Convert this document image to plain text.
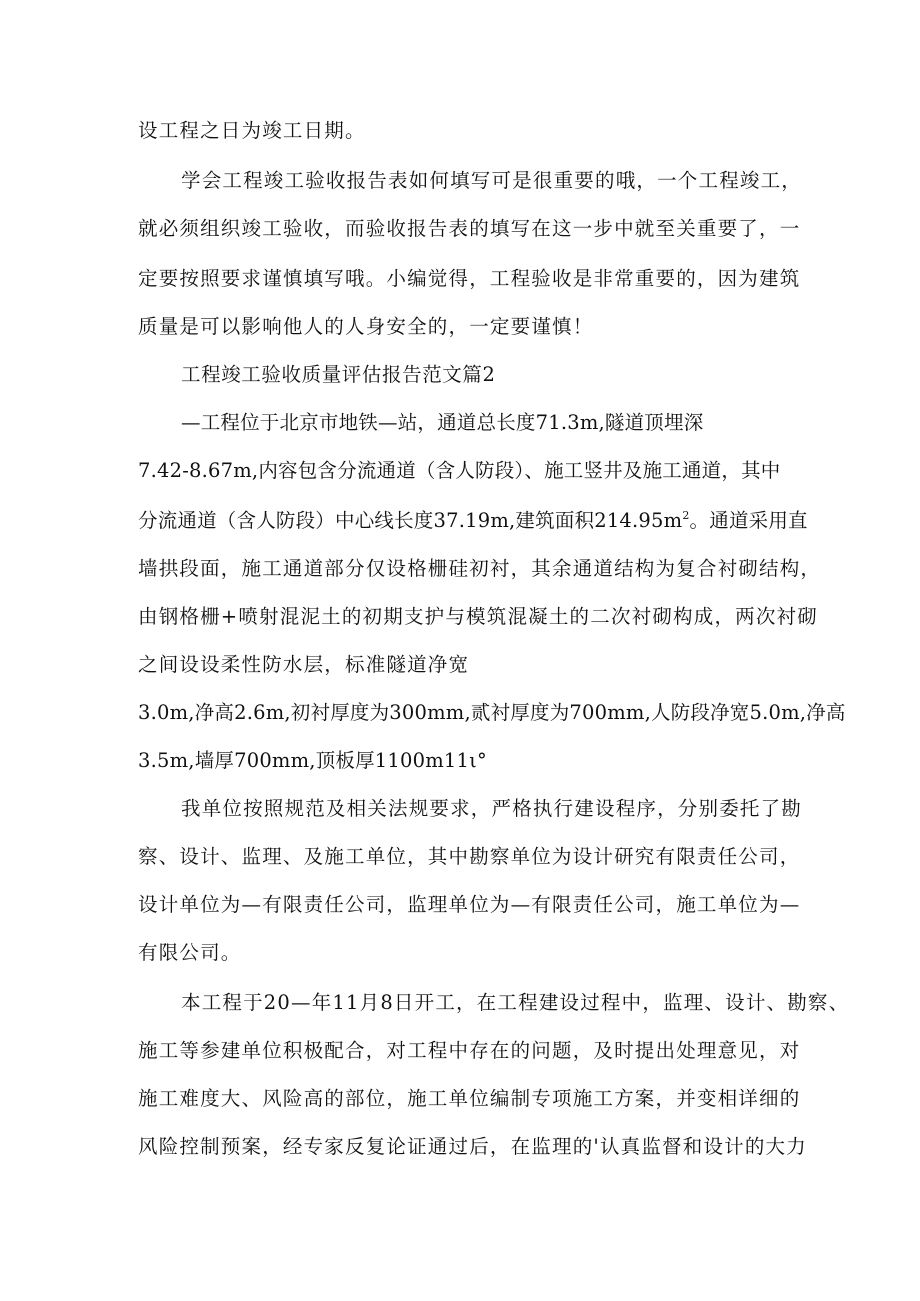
设工程之日为竣工日期。
学会工程竣工验收报告表如何填写可是很重要的哦，一个工程竣工，
就必须组织竣工验收，而验收报告表的填写在这一步中就至关重要了，一
定要按照要求谨慎填写哦。小编觉得，工程验收是非常重要的，因为建筑
质量是可以影响他人的人身安全的，一定要谨慎！
工程竣工验收质量评估报告范文篇2
—工程位于北京市地铁—站，通道总长度71.3m,隧道顶埋深
7.42-8.67m,内容包含分流通道（含人防段）、施工竖井及施工通道，其中
分流通道（含人防段）中心线长度37.19m,建筑面积$214.95m^2$。通道采用直
墙拱段面，施工通道部分仅设格栅硅初衬，其余通道结构为复合衬砌结构，
由钢格栅+喷射混泥土的初期支护与模筑混凝土的二次衬砌构成，两次衬砌
之间设设柔性防水层，标准隧道净宽
3.0m,净高2.6m,初衬厚度为300mm,贰衬厚度为700mm,人防段净宽5.0m,净高
3.5m,墙厚700mm,顶板厚1100m11ι°
我单位按照规范及相关法规要求，严格执行建设程序，分别委托了勘
察、设计、监理、及施工单位，其中勘察单位为设计研究有限责任公司，
设计单位为—有限责任公司，监理单位为—有限责任公司，施工单位为—
有限公司。
本工程于20—年11月8日开工，在工程建设过程中，监理、设计、勘察、
施工等参建单位积极配合，对工程中存在的问题，及时提出处理意见，对
施工难度大、风险高的部位，施工单位编制专项施工方案，并变相详细的
风险控制预案，经专家反复论证通过后，在监理的'认真监督和设计的大力
